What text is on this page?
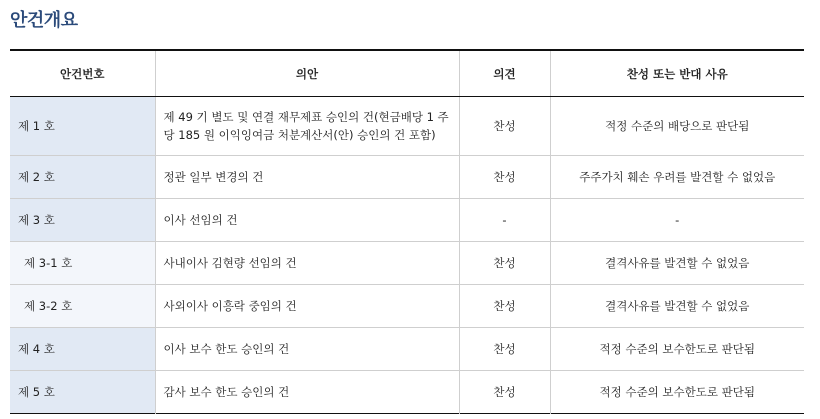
안건개요
안건번호	의안	의견	찬성 또는 반대 사유
제 1 호	제 49 기 별도 및 연결 재무제표 승인의 건(현금배당 1 주당 185 원 이익잉여금 처분계산서(안) 승인의 건 포함)	찬성	적정 수준의 배당으로 판단됨
제 2 호	정관 일부 변경의 건	찬성	주주가치 훼손 우려를 발견할 수 없었음
제 3 호	이사 선임의 건	-	-
제 3-1 호	사내이사 김현량 선임의 건	찬성	결격사유를 발견할 수 없었음
제 3-2 호	사외이사 이흥락 중임의 건	찬성	결격사유를 발견할 수 없었음
제 4 호	이사 보수 한도 승인의 건	찬성	적정 수준의 보수한도로 판단됨
제 5 호	감사 보수 한도 승인의 건	찬성	적정 수준의 보수한도로 판단됨
